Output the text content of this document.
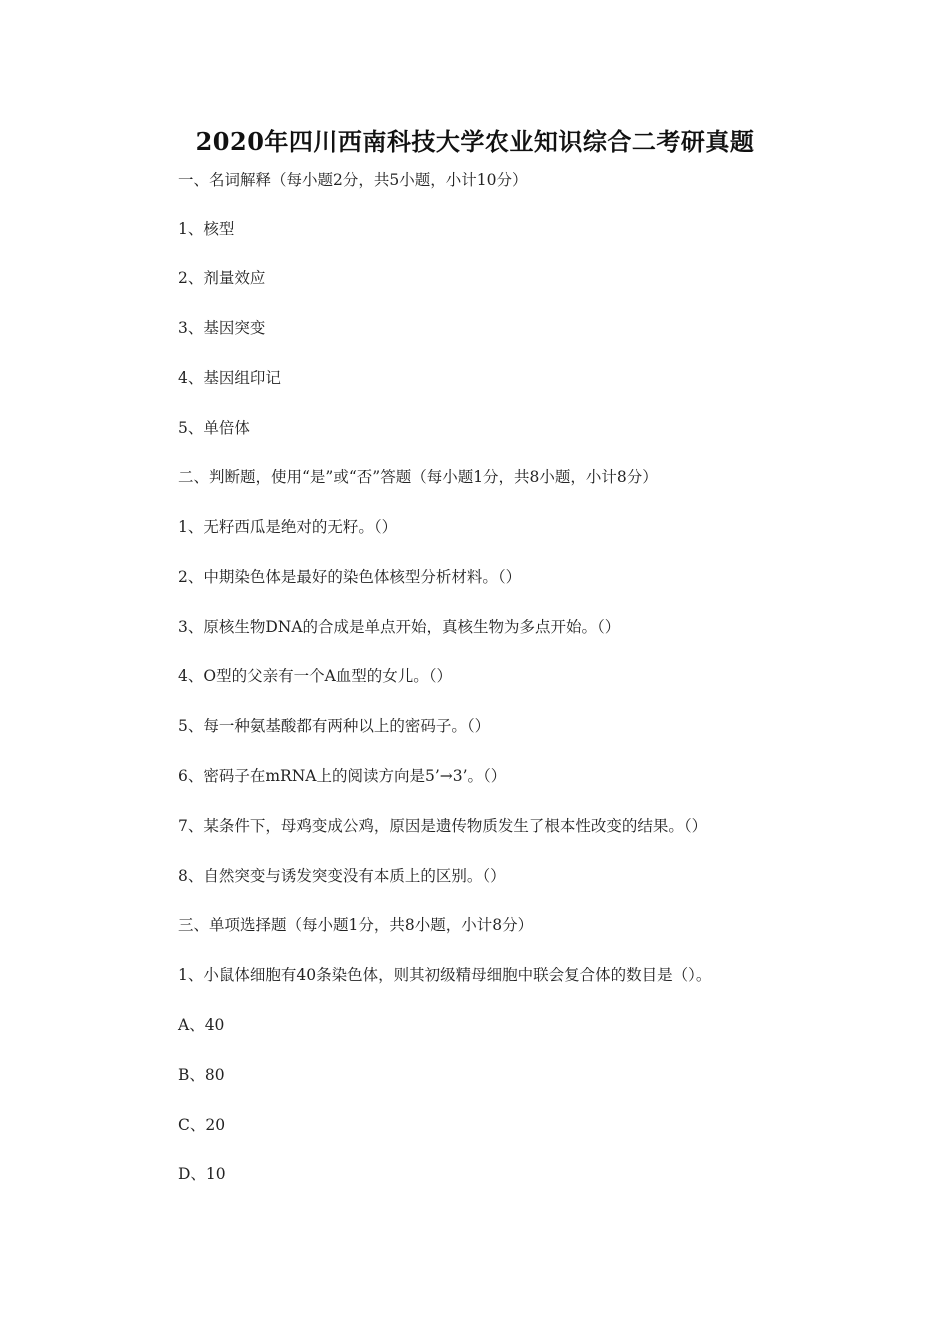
2020年四川西南科技大学农业知识综合二考研真题
一、名词解释（每小题2分，共5小题，小计10分）
1、核型
2、剂量效应
3、基因突变
4、基因组印记
5、单倍体
二、判断题，使用“是”或“否”答题（每小题1分，共8小题，小计8分）
1、无籽西瓜是绝对的无籽。（）
2、中期染色体是最好的染色体核型分析材料。（）
3、原核生物DNA的合成是单点开始，真核生物为多点开始。（）
4、O型的父亲有一个A血型的女儿。（）
5、每一种氨基酸都有两种以上的密码子。（）
6、密码子在mRNA上的阅读方向是5’→3’。（）
7、某条件下，母鸡变成公鸡，原因是遗传物质发生了根本性改变的结果。（）
8、自然突变与诱发突变没有本质上的区别。（）
三、单项选择题（每小题1分，共8小题，小计8分）
1、小鼠体细胞有40条染色体，则其初级精母细胞中联会复合体的数目是（）。
A、40
B、80
C、20
D、10
